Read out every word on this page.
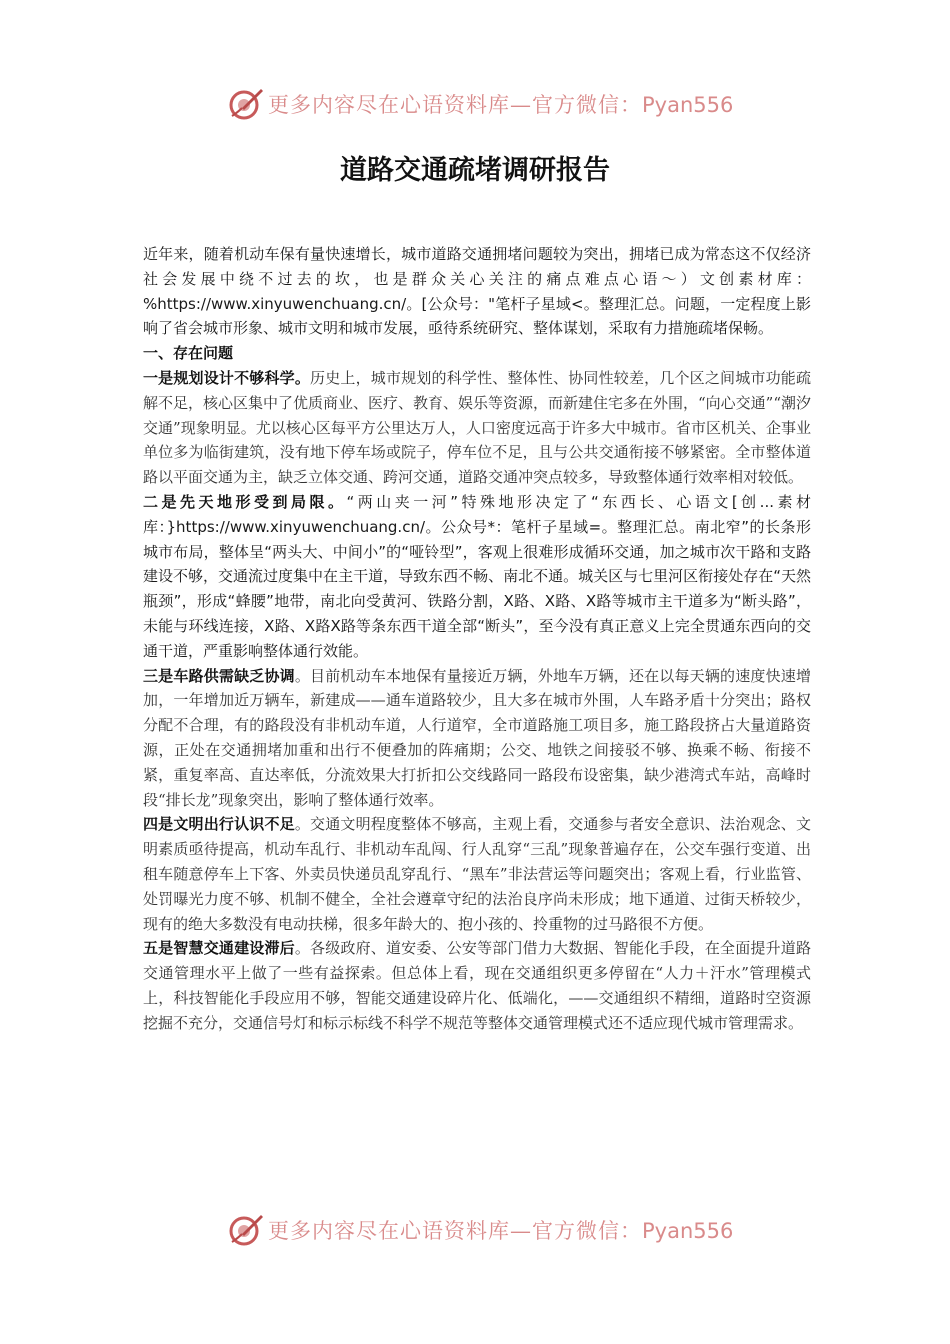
更多内容尽在心语资料库—官方微信：Pyan556
道路交通疏堵调研报告

近年来，随着机动车保有量快速增长，城市道路交通拥堵问题较为突出，拥堵已成为常态这不仅经济社会发展中绕不过去的坎，也是群众关心关注的痛点难点心语～）文创素材库：%https://www.xinyuwenchuang.cn/。[公众号："笔杆子星域<。整理汇总。问题，一定程度上影响了省会城市形象、城市文明和城市发展，亟待系统研究、整体谋划，采取有力措施疏堵保畅。

一、存在问题

一是规划设计不够科学。历史上，城市规划的科学性、整体性、协同性较差，几个区之间城市功能疏解不足，核心区集中了优质商业、医疗、教育、娱乐等资源，而新建住宅多在外围，“向心交通”“潮汐交通”现象明显。尤以核心区每平方公里达万人，人口密度远高于许多大中城市。省市区机关、企事业单位多为临街建筑，没有地下停车场或院子，停车位不足，且与公共交通衔接不够紧密。全市整体道路以平面交通为主，缺乏立体交通、跨河交通，道路交通冲突点较多，导致整体通行效率相对较低。

二是先天地形受到局限。“两山夹一河”特殊地形决定了“东西长、心语文[创...素材库：}https://www.xinyuwenchuang.cn/。公众号*：笔杆子星域=。整理汇总。南北窄”的长条形城市布局，整体呈“两头大、中间小”的“哑铃型”，客观上很难形成循环交通，加之城市次干路和支路建设不够，交通流过度集中在主干道，导致东西不畅、南北不通。城关区与七里河区衔接处存在“天然瓶颈”，形成“蜂腰”地带，南北向受黄河、铁路分割，X路、X路、X路等城市主干道多为“断头路”，未能与环线连接，X路、X路X路等条东西干道全部“断头”，至今没有真正意义上完全贯通东西向的交通干道，严重影响整体通行效能。

三是车路供需缺乏协调。目前机动车本地保有量接近万辆，外地车万辆，还在以每天辆的速度快速增加，一年增加近万辆车，新建成——通车道路较少，且大多在城市外围，人车路矛盾十分突出；路权分配不合理，有的路段没有非机动车道，人行道窄，全市道路施工项目多，施工路段挤占大量道路资源，正处在交通拥堵加重和出行不便叠加的阵痛期；公交、地铁之间接驳不够、换乘不畅、衔接不紧，重复率高、直达率低，分流效果大打折扣公交线路同一路段布设密集，缺少港湾式车站，高峰时段“排长龙”现象突出，影响了整体通行效率。

四是文明出行认识不足。交通文明程度整体不够高，主观上看，交通参与者安全意识、法治观念、文明素质亟待提高，机动车乱行、非机动车乱闯、行人乱穿“三乱”现象普遍存在，公交车强行变道、出租车随意停车上下客、外卖员快递员乱穿乱行、“黑车”非法营运等问题突出；客观上看，行业监管、处罚曝光力度不够、机制不健全，全社会遵章守纪的法治良序尚未形成；地下通道、过街天桥较少，现有的绝大多数没有电动扶梯，很多年龄大的、抱小孩的、拎重物的过马路很不方便。

五是智慧交通建设滞后。各级政府、道安委、公安等部门借力大数据、智能化手段，在全面提升道路交通管理水平上做了一些有益探索。但总体上看，现在交通组织更多停留在“人力＋汗水”管理模式上，科技智能化手段应用不够，智能交通建设碎片化、低端化，——交通组织不精细，道路时空资源挖掘不充分，交通信号灯和标示标线不科学不规范等整体交通管理模式还不适应现代城市管理需求。

更多内容尽在心语资料库—官方微信：Pyan556
